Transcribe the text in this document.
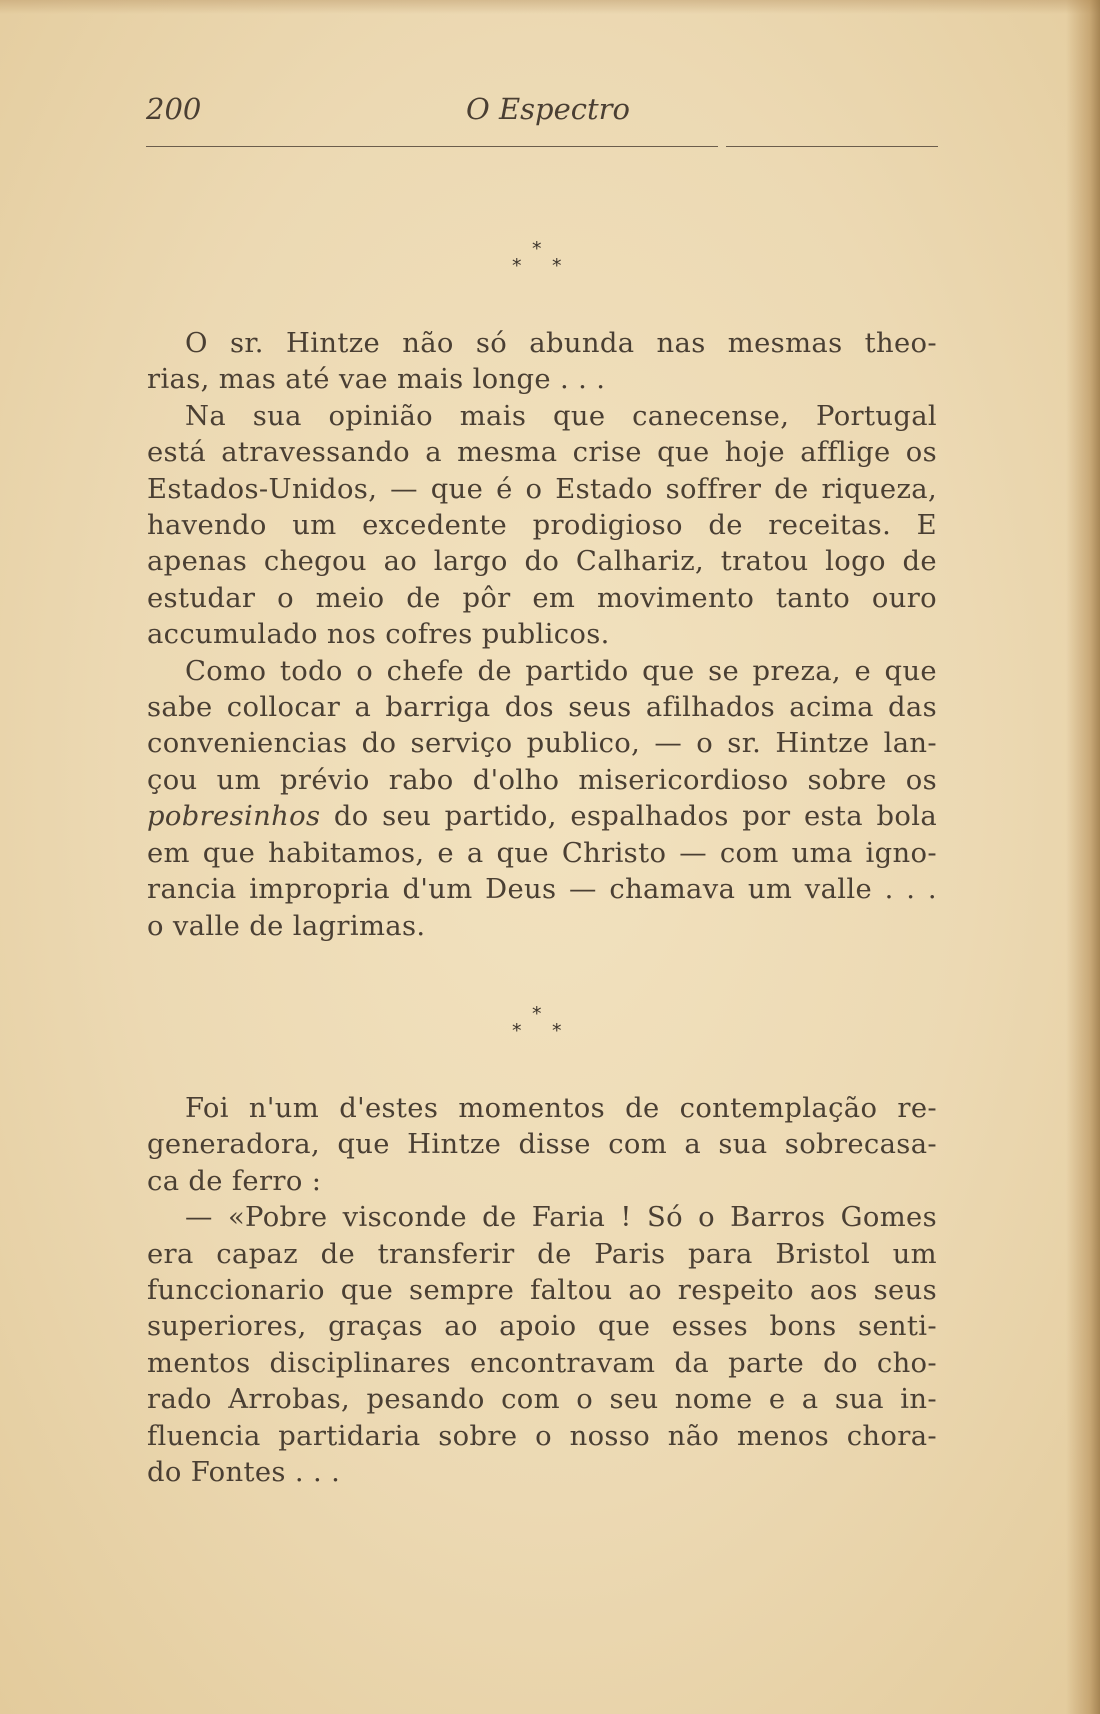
200	O Espectro
*
* *
O sr. Hintze não só abunda nas mesmas theo-
rias, mas até vae mais longe . . .
Na sua opinião mais que canecense, Portugal
está atravessando a mesma crise que hoje afflige os
Estados-Unidos, — que é o Estado soffrer de riqueza,
havendo um excedente prodigioso de receitas. E
apenas chegou ao largo do Calhariz, tratou logo de
estudar o meio de pôr em movimento tanto ouro
accumulado nos cofres publicos.
Como todo o chefe de partido que se preza, e que
sabe collocar a barriga dos seus afilhados acima das
conveniencias do serviço publico, — o sr. Hintze lan-
çou um prévio rabo d'olho misericordioso sobre os
pobresinhos do seu partido, espalhados por esta bola
em que habitamos, e a que Christo — com uma igno-
rancia impropria d'um Deus — chamava um valle . . .
o valle de lagrimas.
*
* *
Foi n'um d'estes momentos de contemplação re-
generadora, que Hintze disse com a sua sobrecasa-
ca de ferro :
— «Pobre visconde de Faria ! Só o Barros Gomes
era capaz de transferir de Paris para Bristol um
funccionario que sempre faltou ao respeito aos seus
superiores, graças ao apoio que esses bons senti-
mentos disciplinares encontravam da parte do cho-
rado Arrobas, pesando com o seu nome e a sua in-
fluencia partidaria sobre o nosso não menos chora-
do Fontes . . .
